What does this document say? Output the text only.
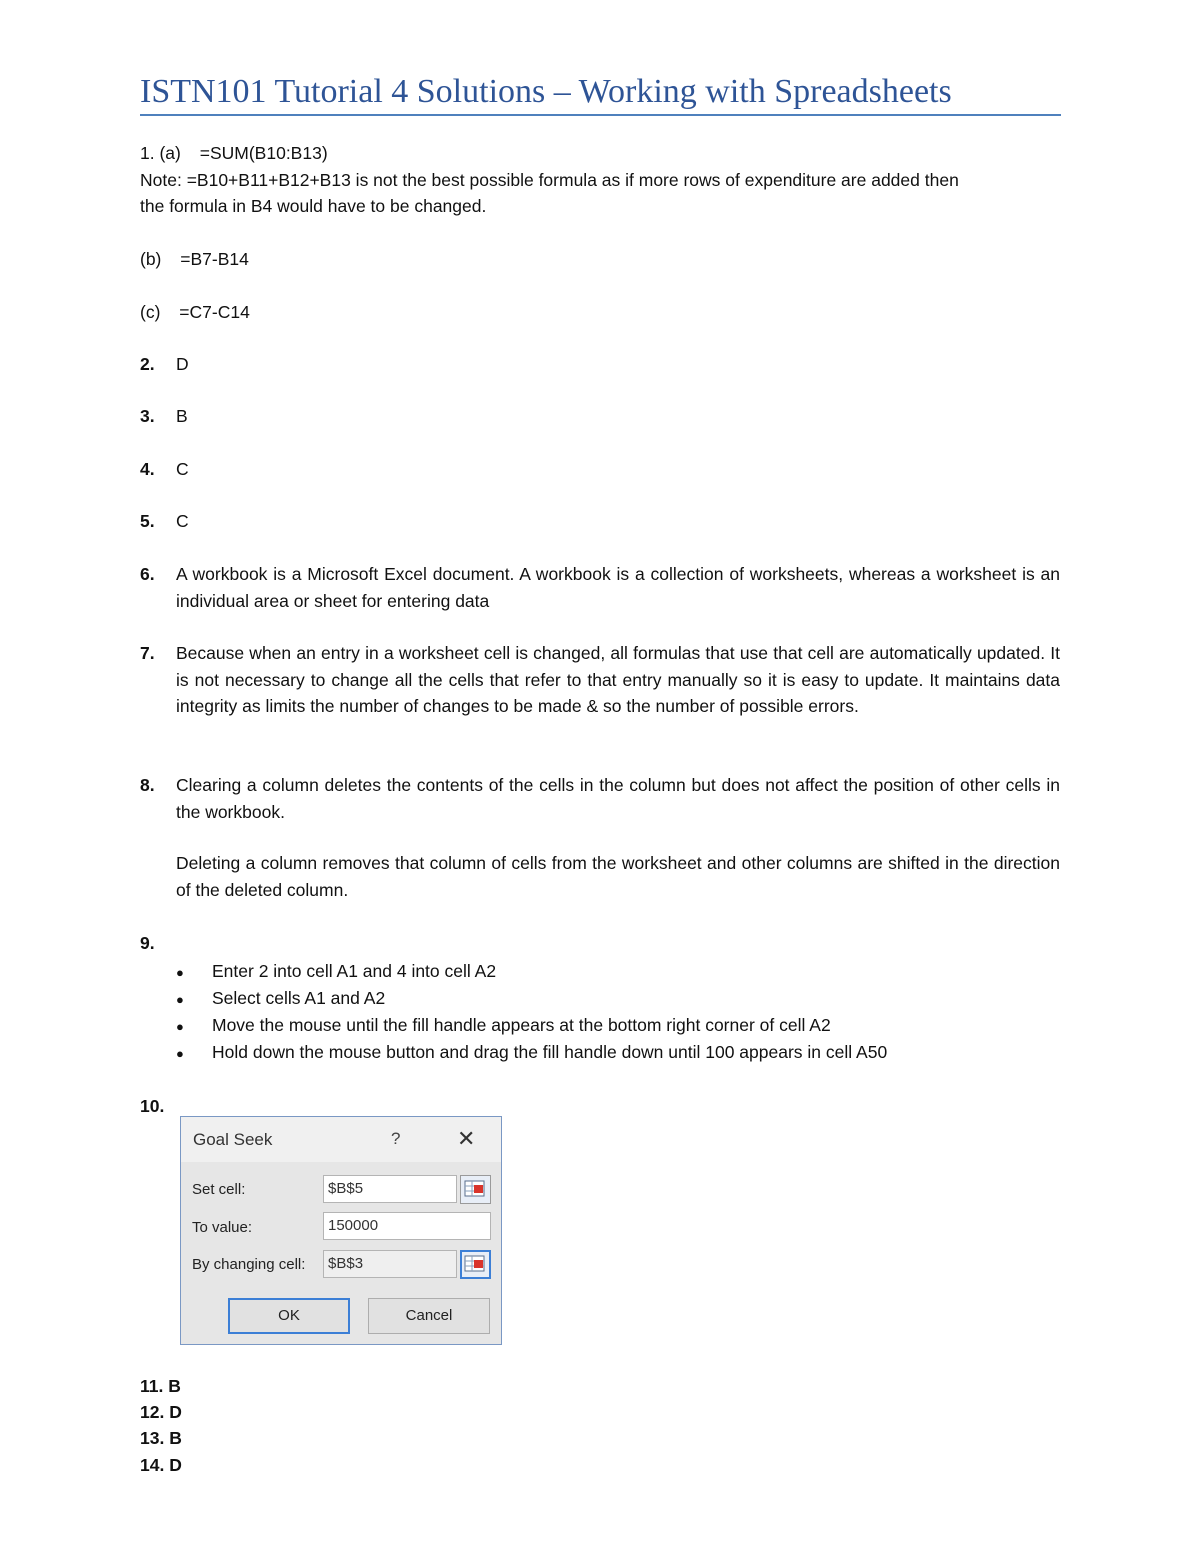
ISTN101 Tutorial 4 Solutions – Working with Spreadsheets
1. (a) =SUM(B10:B13)
Note: =B10+B11+B12+B13 is not the best possible formula as if more rows of expenditure are added then
the formula in B4 would have to be changed.
(b) =B7-B14
(c) =C7-C14
2. D
3. B
4. C
5. C
6. A workbook is a Microsoft Excel document. A workbook is a collection of worksheets, whereas a worksheet is an individual area or sheet for entering data
7. Because when an entry in a worksheet cell is changed, all formulas that use that cell are automatically updated. It is not necessary to change all the cells that refer to that entry manually so it is easy to update. It maintains data integrity as limits the number of changes to be made & so the number of possible errors.
8. Clearing a column deletes the contents of the cells in the column but does not affect the position of other cells in the workbook.
Deleting a column removes that column of cells from the worksheet and other columns are shifted in the direction of the deleted column.
9.
● Enter 2 into cell A1 and 4 into cell A2
● Select cells A1 and A2
● Move the mouse until the fill handle appears at the bottom right corner of cell A2
● Hold down the mouse button and drag the fill handle down until 100 appears in cell A50
10.
Goal Seek	?	✕
Set cell:	$B$5
To value:	150000
By changing cell:	$B$3
OK	Cancel
11. B
12. D
13. B
14. D
